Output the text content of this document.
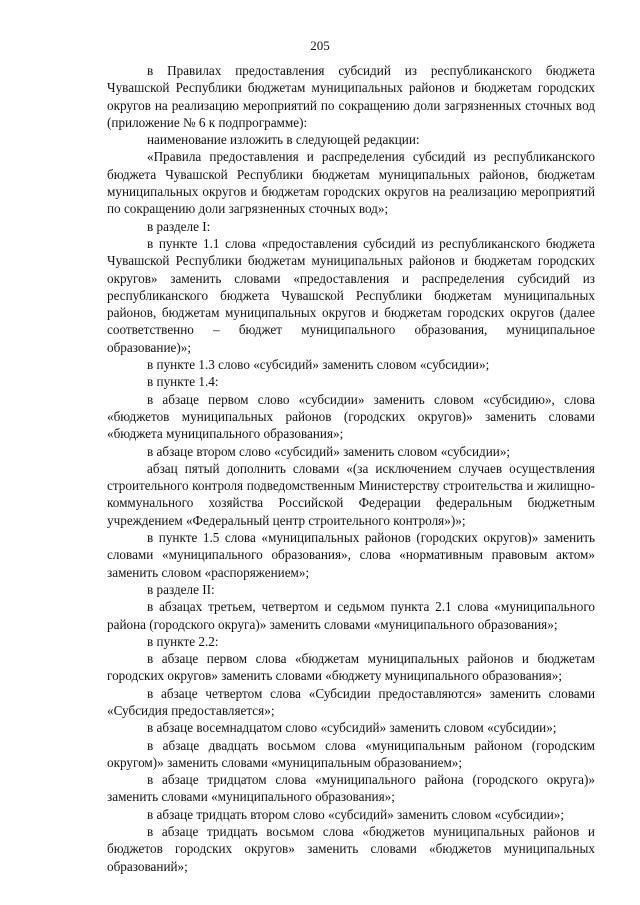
205

в Правилах предоставления субсидий из республиканского бюджета Чувашской Республики бюджетам муниципальных районов и бюджетам городских округов на реализацию мероприятий по сокращению доли загрязненных сточных вод (приложение № 6 к подпрограмме):

наименование изложить в следующей редакции:

«Правила предоставления и распределения субсидий из республиканского бюджета Чувашской Республики бюджетам муниципальных районов, бюджетам муниципальных округов и бюджетам городских округов на реализацию мероприятий по сокращению доли загрязненных сточных вод»;

в разделе I:

в пункте 1.1 слова «предоставления субсидий из республиканского бюджета Чувашской Республики бюджетам муниципальных районов и бюджетам городских округов» заменить словами «предоставления и распределения субсидий из республиканского бюджета Чувашской Республики бюджетам муниципальных районов, бюджетам муниципальных округов и бюджетам городских округов (далее соответственно – бюджет муниципального образования, муниципальное образование)»;

в пункте 1.3 слово «субсидий» заменить словом «субсидии»;

в пункте 1.4:

в абзаце первом слово «субсидии» заменить словом «субсидию», слова «бюджетов муниципальных районов (городских округов)» заменить словами «бюджета муниципального образования»;

в абзаце втором слово «субсидий» заменить словом «субсидии»;

абзац пятый дополнить словами «(за исключением случаев осуществления строительного контроля подведомственным Министерству строительства и жилищно-коммунального хозяйства Российской Федерации федеральным бюджетным учреждением «Федеральный центр строительного контроля»)»;

в пункте 1.5 слова «муниципальных районов (городских округов)» заменить словами «муниципального образования», слова «нормативным правовым актом» заменить словом «распоряжением»;

в разделе II:

в абзацах третьем, четвертом и седьмом пункта 2.1 слова «муниципального района (городского округа)» заменить словами «муниципального образования»;

в пункте 2.2:

в абзаце первом слова «бюджетам муниципальных районов и бюджетам городских округов» заменить словами «бюджету муниципального образования»;

в абзаце четвертом слова «Субсидии предоставляются» заменить словами «Субсидия предоставляется»;

в абзаце восемнадцатом слово «субсидий» заменить словом «субсидии»;

в абзаце двадцать восьмом слова «муниципальным районом (городским округом)» заменить словами «муниципальным образованием»;

в абзаце тридцатом слова «муниципального района (городского округа)» заменить словами «муниципального образования»;

в абзаце тридцать втором слово «субсидий» заменить словом «субсидии»;

в абзаце тридцать восьмом слова «бюджетов муниципальных районов и бюджетов городских округов» заменить словами «бюджетов муниципальных образований»;
